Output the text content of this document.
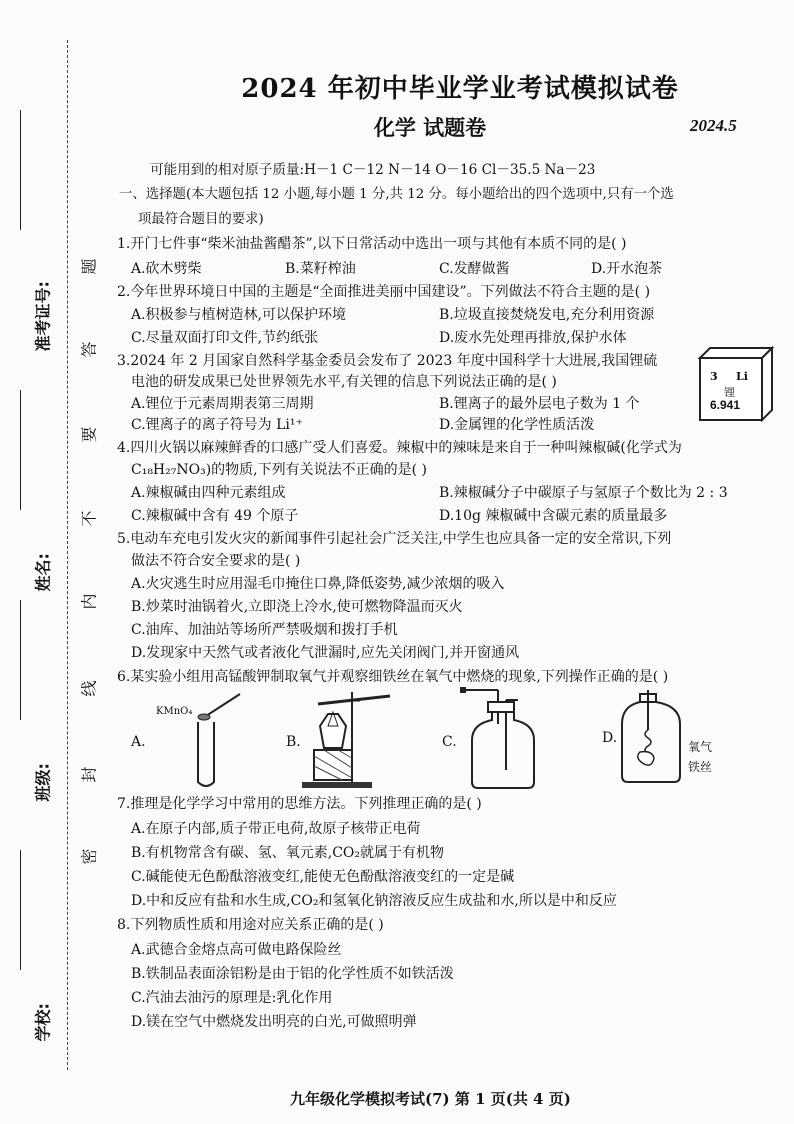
准考证号:
姓名:
班级:
学校:
题
答
要
不
内
线
封
密
2024 年初中毕业学业考试模拟试卷
化学 试题卷	2024.5
可能用到的相对原子质量:H－1 C－12 N－14 O－16 Cl－35.5 Na－23
一、选择题(本大题包括 12 小题,每小题 1 分,共 12 分。每小题给出的四个选项中,只有一个选
项最符合题目的要求)
1.开门七件事“柴米油盐酱醋茶”,以下日常活动中选出一项与其他有本质不同的是( )
A.砍木劈柴	B.菜籽榨油	C.发酵做酱	D.开水泡茶
2.今年世界环境日中国的主题是“全面推进美丽中国建设”。下列做法不符合主题的是( )
A.积极参与植树造林,可以保护环境	B.垃圾直接焚烧发电,充分利用资源
C.尽量双面打印文件,节约纸张	D.废水先处理再排放,保护水体
3.2024 年 2 月国家自然科学基金委员会发布了 2023 年度中国科学十大进展,我国锂硫
电池的研发成果已处世界领先水平,有关锂的信息下列说法正确的是( )
A.锂位于元素周期表第三周期	B.锂离子的最外层电子数为 1 个
C.锂离子的离子符号为 Li¹⁺	D.金属锂的化学性质活泼
3 Li
锂
6.941
4.四川火锅以麻辣鲜香的口感广受人们喜爱。辣椒中的辣味是来自于一种叫辣椒碱(化学式为
C₁₈H₂₇NO₃)的物质,下列有关说法不正确的是( )
A.辣椒碱由四种元素组成	B.辣椒碱分子中碳原子与氢原子个数比为 2 : 3
C.辣椒碱中含有 49 个原子	D.10g 辣椒碱中含碳元素的质量最多
5.电动车充电引发火灾的新闻事件引起社会广泛关注,中学生也应具备一定的安全常识,下列
做法不符合安全要求的是( )
A.火灾逃生时应用湿毛巾掩住口鼻,降低姿势,减少浓烟的吸入
B.炒菜时油锅着火,立即浇上冷水,使可燃物降温而灭火
C.油库、加油站等场所严禁吸烟和拨打手机
D.发现家中天然气或者液化气泄漏时,应先关闭阀门,并开窗通风
6.某实验小组用高锰酸钾制取氧气并观察细铁丝在氧气中燃烧的现象,下列操作正确的是( )
A.
KMnO₄
B.	C.	D.
氧气
铁丝
7.推理是化学学习中常用的思维方法。下列推理正确的是( )
A.在原子内部,质子带正电荷,故原子核带正电荷
B.有机物常含有碳、氢、氧元素,CO₂就属于有机物
C.碱能使无色酚酞溶液变红,能使无色酚酞溶液变红的一定是碱
D.中和反应有盐和水生成,CO₂和氢氧化钠溶液反应生成盐和水,所以是中和反应
8.下列物质性质和用途对应关系正确的是( )
A.武德合金熔点高可做电路保险丝
B.铁制品表面涂铝粉是由于铝的化学性质不如铁活泼
C.汽油去油污的原理是:乳化作用
D.镁在空气中燃烧发出明亮的白光,可做照明弹
九年级化学模拟考试(7) 第 1 页(共 4 页)
